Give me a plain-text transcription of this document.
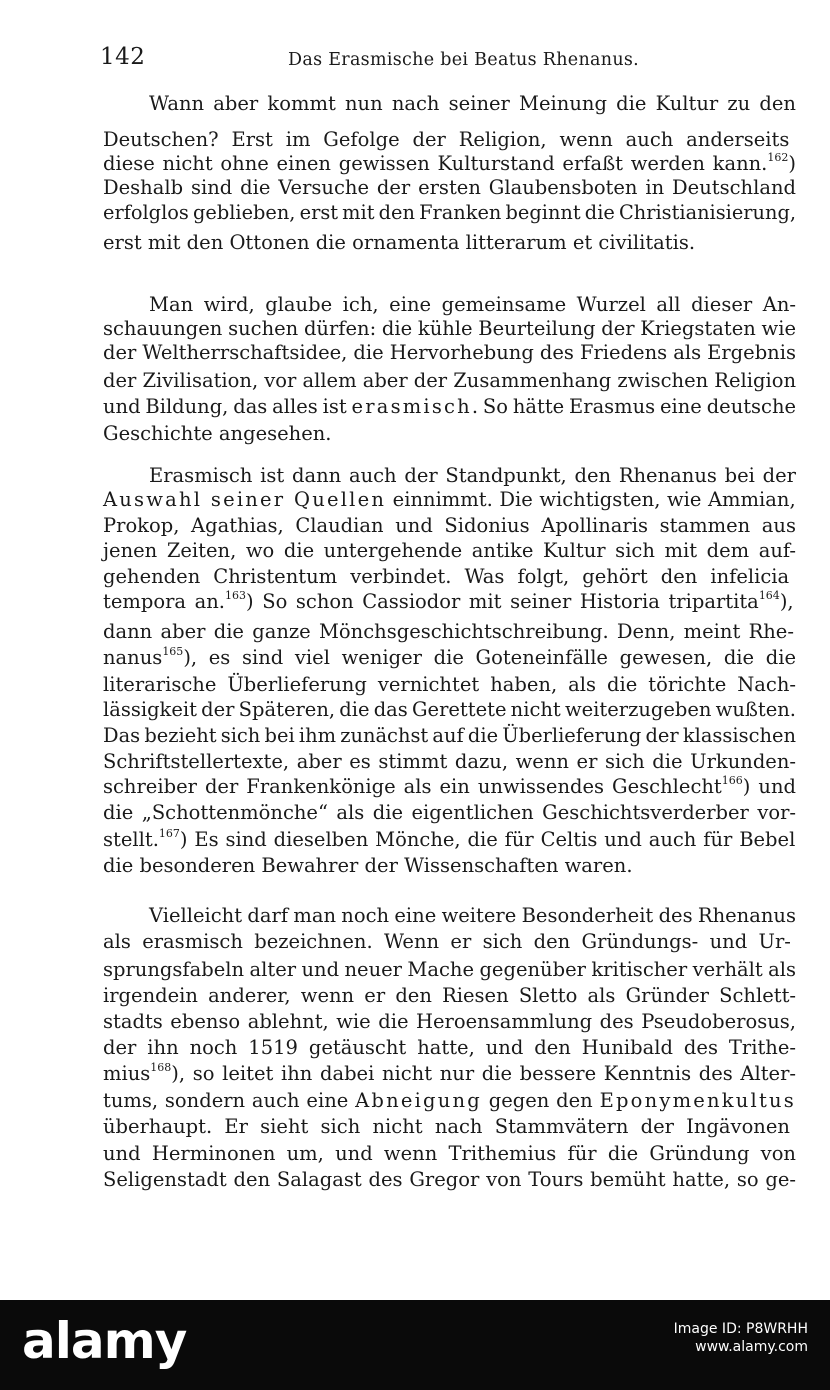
142	Das Erasmische bei Beatus Rhenanus.

Wann aber kommt nun nach seiner Meinung die Kultur zu den

Deutschen? Erst im Gefolge der Religion, wenn auch anderseits

diese nicht ohne einen gewissen Kulturstand erfaßt werden kann.$^{162}$)

Deshalb sind die Versuche der ersten Glaubensboten in Deutschland

erfolglos geblieben, erst mit den Franken beginnt die Christianisierung,

erst mit den Ottonen die ornamenta litterarum et civilitatis.

Man wird, glaube ich, eine gemeinsame Wurzel all dieser An-

schauungen suchen dürfen: die kühle Beurteilung der Kriegstaten wie

der Weltherrschaftsidee, die Hervorhebung des Friedens als Ergebnis

der Zivilisation, vor allem aber der Zusammenhang zwischen Religion

und Bildung, das alles ist erasmisch. So hätte Erasmus eine deutsche

Geschichte angesehen.

Erasmisch ist dann auch der Standpunkt, den Rhenanus bei der

Auswahl seiner Quellen einnimmt. Die wichtigsten, wie Ammian,

Prokop, Agathias, Claudian und Sidonius Apollinaris stammen aus

jenen Zeiten, wo die untergehende antike Kultur sich mit dem auf-

gehenden Christentum verbindet. Was folgt, gehört den infelicia

tempora an.$^{163}$) So schon Cassiodor mit seiner Historia tripartita$^{164}$),

dann aber die ganze Mönchsgeschichtschreibung. Denn, meint Rhe-

nanus$^{165}$), es sind viel weniger die Goteneinfälle gewesen, die die

literarische Überlieferung vernichtet haben, als die törichte Nach-

lässigkeit der Späteren, die das Gerettete nicht weiterzugeben wußten.

Das bezieht sich bei ihm zunächst auf die Überlieferung der klassischen

Schriftstellertexte, aber es stimmt dazu, wenn er sich die Urkunden-

schreiber der Frankenkönige als ein unwissendes Geschlecht$^{166}$) und

die „Schottenmönche“ als die eigentlichen Geschichtsverderber vor-

stellt.$^{167}$) Es sind dieselben Mönche, die für Celtis und auch für Bebel

die besonderen Bewahrer der Wissenschaften waren.

Vielleicht darf man noch eine weitere Besonderheit des Rhenanus

als erasmisch bezeichnen. Wenn er sich den Gründungs- und Ur-

sprungsfabeln alter und neuer Mache gegenüber kritischer verhält als

irgendein anderer, wenn er den Riesen Sletto als Gründer Schlett-

stadts ebenso ablehnt, wie die Heroensammlung des Pseudoberosus,

der ihn noch 1519 getäuscht hatte, und den Hunibald des Trithe-

mius$^{168}$), so leitet ihn dabei nicht nur die bessere Kenntnis des Alter-

tums, sondern auch eine Abneigung gegen den Eponymenkultus

überhaupt. Er sieht sich nicht nach Stammvätern der Ingävonen

und Herminonen um, und wenn Trithemius für die Gründung von

Seligenstadt den Salagast des Gregor von Tours bemüht hatte, so ge-

alamy	Image ID: P8WRHH
www.alamy.com
